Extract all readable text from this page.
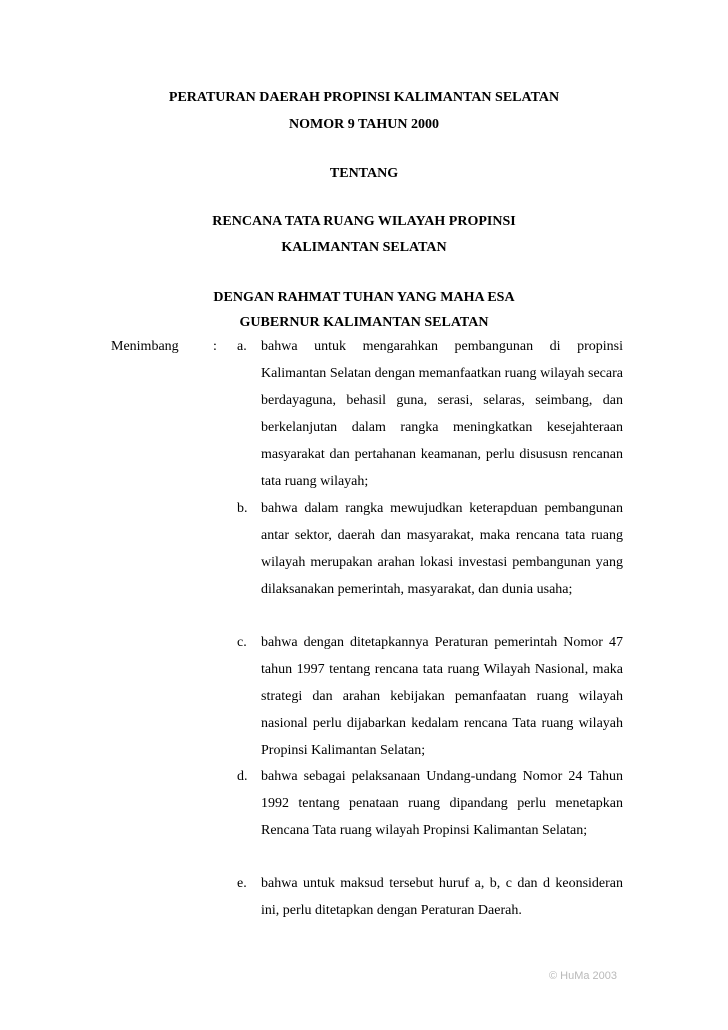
PERATURAN DAERAH PROPINSI KALIMANTAN SELATAN

NOMOR 9 TAHUN 2000

TENTANG

RENCANA TATA RUANG WILAYAH PROPINSI

KALIMANTAN SELATAN

DENGAN RAHMAT TUHAN YANG MAHA ESA

GUBERNUR KALIMANTAN SELATAN

Menimbang : a. bahwa untuk mengarahkan pembangunan di propinsi Kalimantan Selatan dengan memanfaatkan ruang wilayah secara berdayaguna, behasil guna, serasi, selaras, seimbang, dan berkelanjutan dalam rangka meningkatkan kesejahteraan masyarakat dan pertahanan keamanan, perlu disususn rencanan tata ruang wilayah;

b. bahwa dalam rangka mewujudkan keterapduan pembangunan antar sektor, daerah dan masyarakat, maka rencana tata ruang wilayah merupakan arahan lokasi investasi pembangunan yang dilaksanakan pemerintah, masyarakat, dan dunia usaha;

c. bahwa dengan ditetapkannya Peraturan pemerintah Nomor 47 tahun 1997 tentang rencana tata ruang Wilayah Nasional, maka strategi dan arahan kebijakan pemanfaatan ruang wilayah nasional perlu dijabarkan kedalam rencana Tata ruang wilayah Propinsi Kalimantan Selatan;

d. bahwa sebagai pelaksanaan Undang-undang Nomor 24 Tahun 1992 tentang penataan ruang dipandang perlu menetapkan Rencana Tata ruang wilayah Propinsi Kalimantan Selatan;

e. bahwa untuk maksud tersebut huruf a, b, c dan d keonsideran ini, perlu ditetapkan dengan Peraturan Daerah.

© HuMa 2003
